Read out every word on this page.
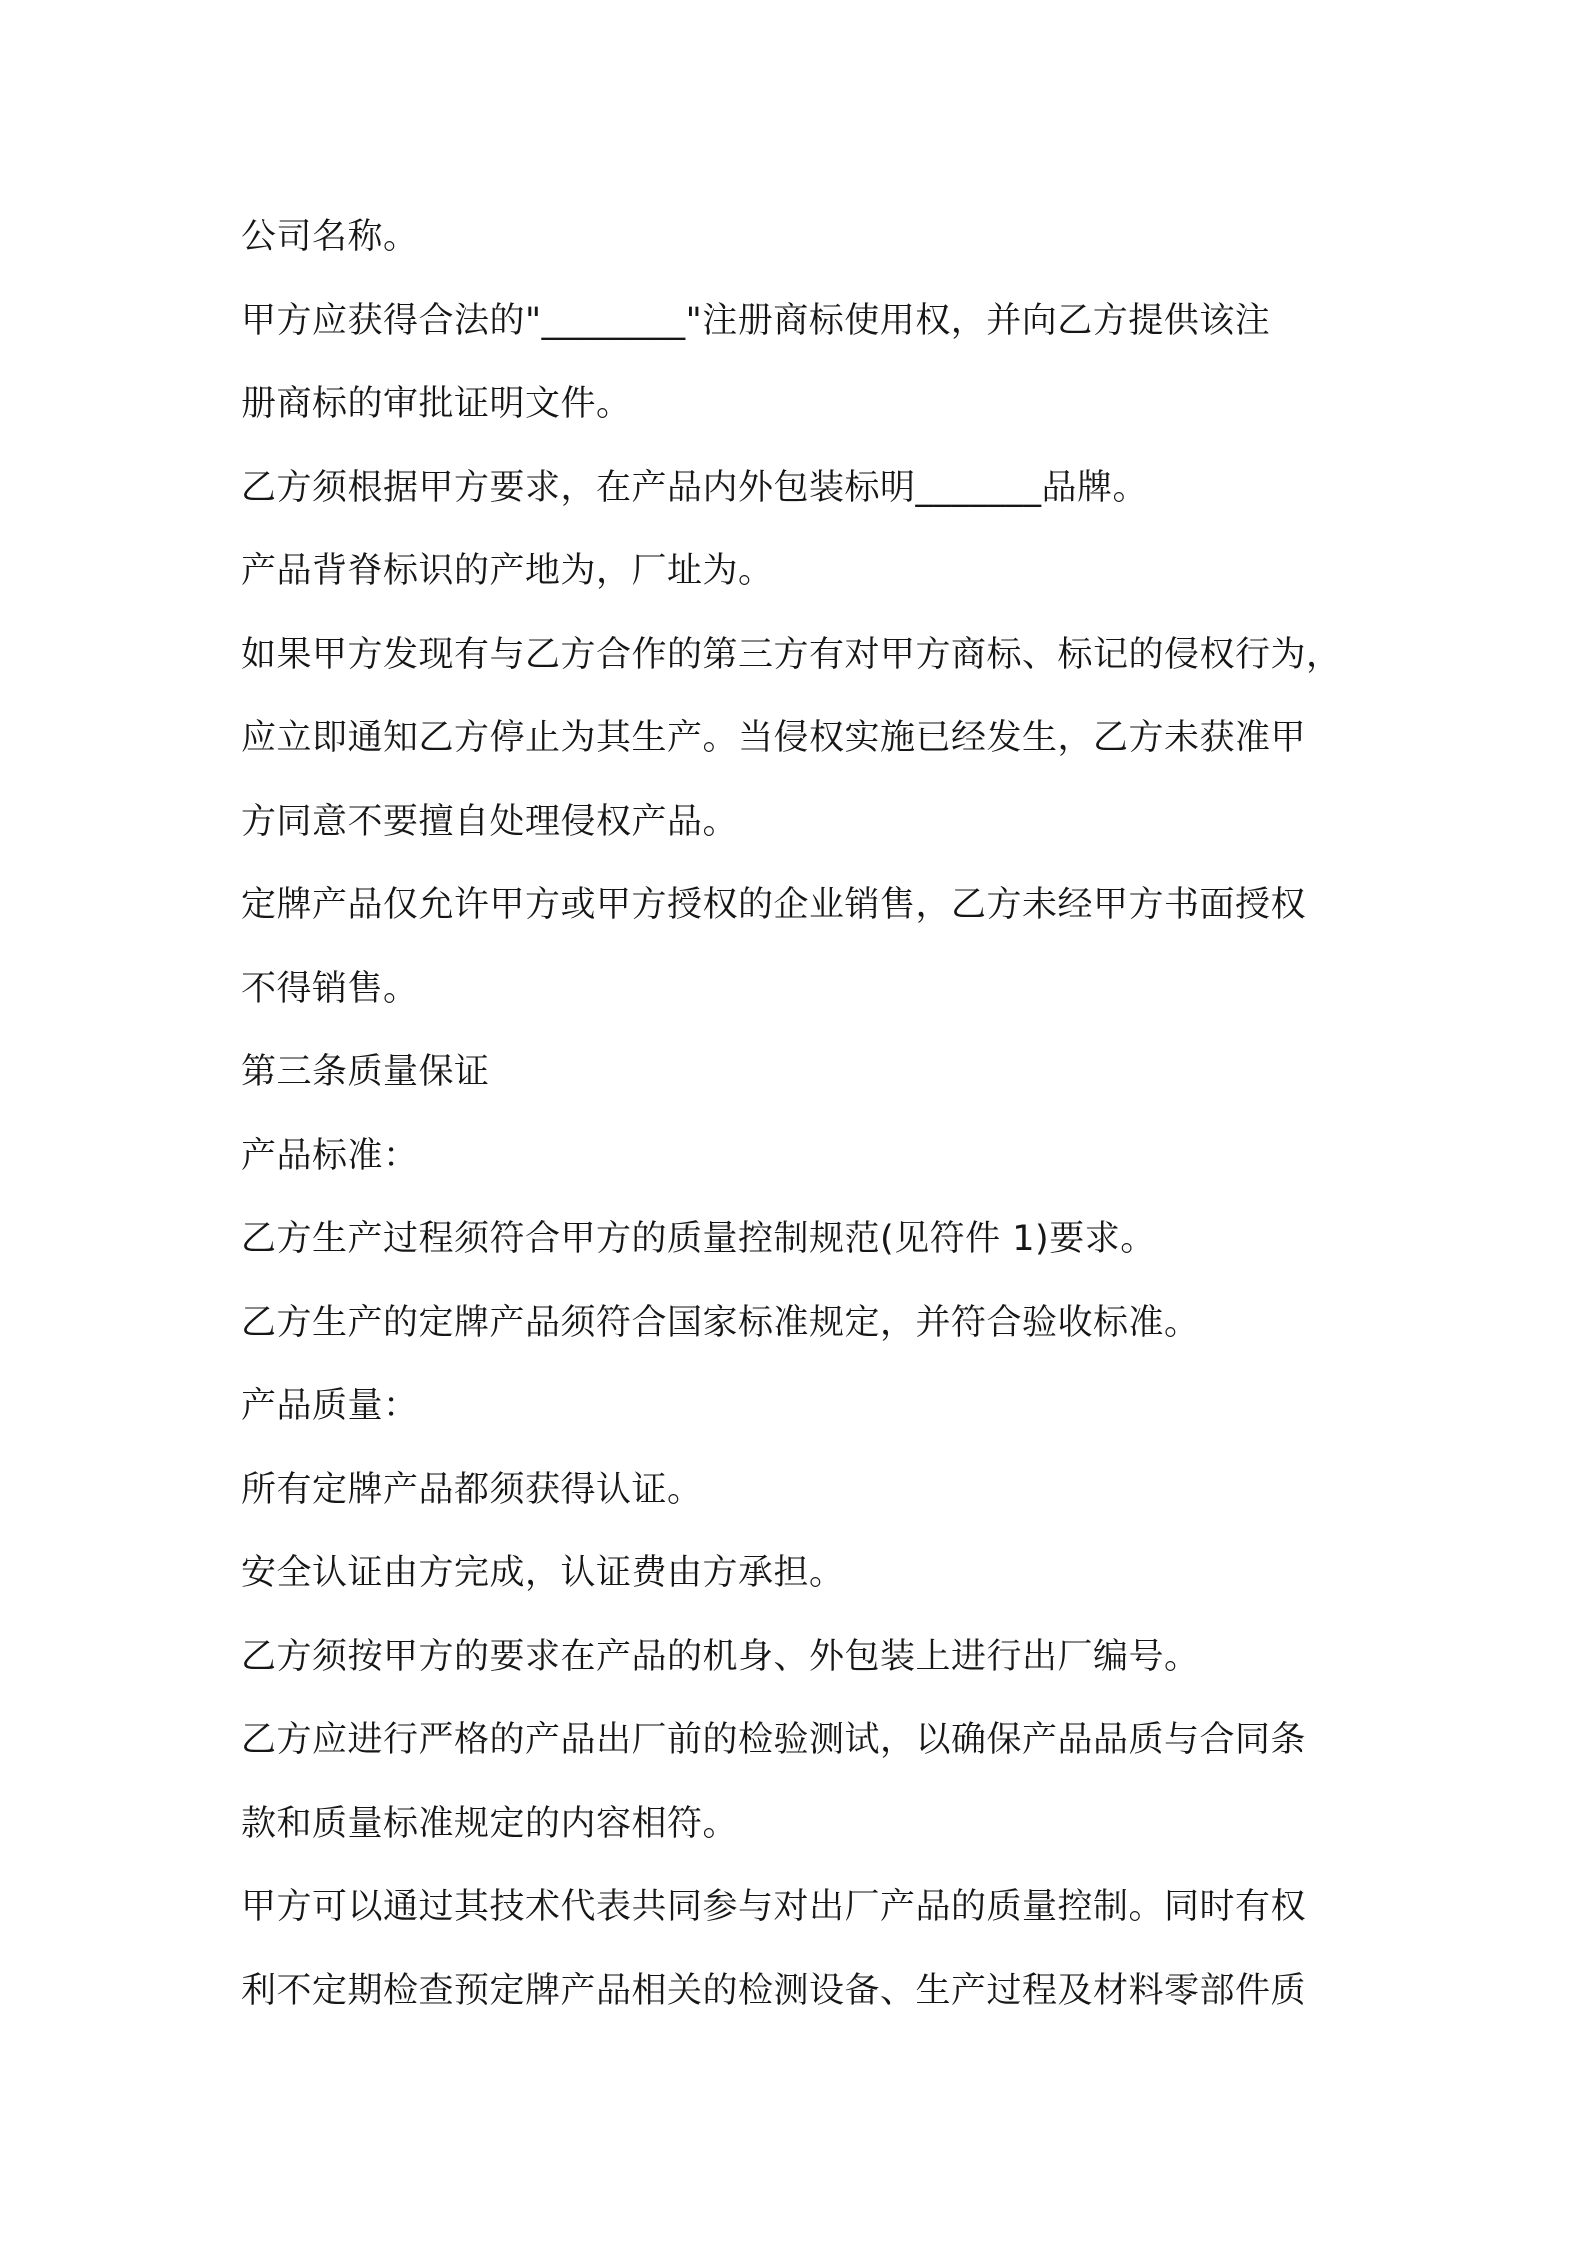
公司名称。
甲方应获得合法的"________"注册商标使用权，并向乙方提供该注
册商标的审批证明文件。
乙方须根据甲方要求，在产品内外包装标明_______品牌。
产品背脊标识的产地为，厂址为。
如果甲方发现有与乙方合作的第三方有对甲方商标、标记的侵权行为，
应立即通知乙方停止为其生产。当侵权实施已经发生，乙方未获准甲
方同意不要擅自处理侵权产品。
定牌产品仅允许甲方或甲方授权的企业销售，乙方未经甲方书面授权
不得销售。
第三条质量保证
产品标准：
乙方生产过程须符合甲方的质量控制规范(见符件 1)要求。
乙方生产的定牌产品须符合国家标准规定，并符合验收标准。
产品质量：
所有定牌产品都须获得认证。
安全认证由方完成，认证费由方承担。
乙方须按甲方的要求在产品的机身、外包装上进行出厂编号。
乙方应进行严格的产品出厂前的检验测试，以确保产品品质与合同条
款和质量标准规定的内容相符。
甲方可以通过其技术代表共同参与对出厂产品的质量控制。同时有权
利不定期检查预定牌产品相关的检测设备、生产过程及材料零部件质
